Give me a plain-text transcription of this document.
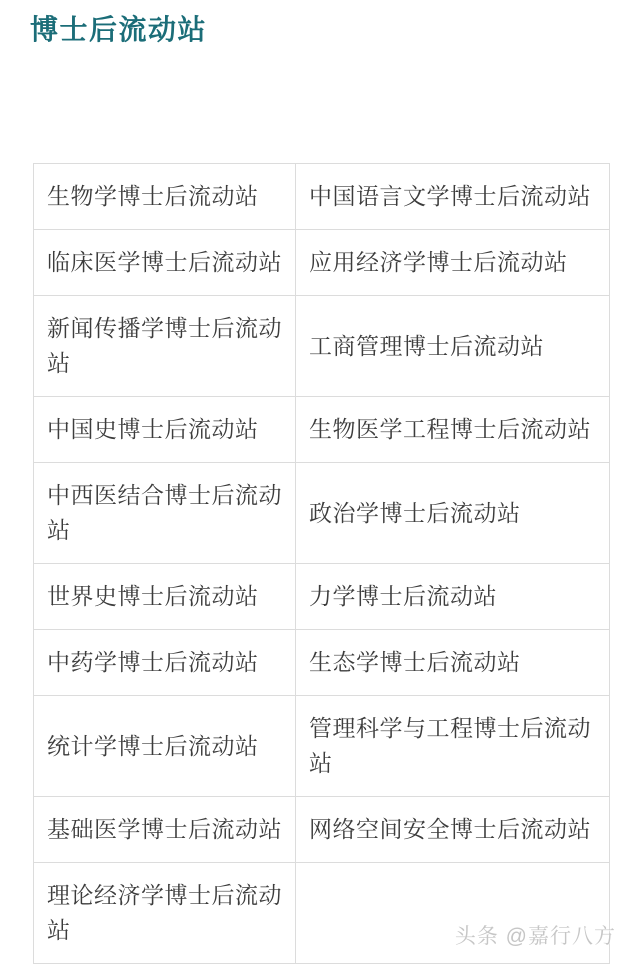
博士后流动站
生物学博士后流动站	中国语言文学博士后流动站
临床医学博士后流动站	应用经济学博士后流动站
新闻传播学博士后流动站	工商管理博士后流动站
中国史博士后流动站	生物医学工程博士后流动站
中西医结合博士后流动站	政治学博士后流动站
世界史博士后流动站	力学博士后流动站
中药学博士后流动站	生态学博士后流动站
统计学博士后流动站	管理科学与工程博士后流动站
基础医学博士后流动站	网络空间安全博士后流动站
理论经济学博士后流动站		头条 @嘉行八方
